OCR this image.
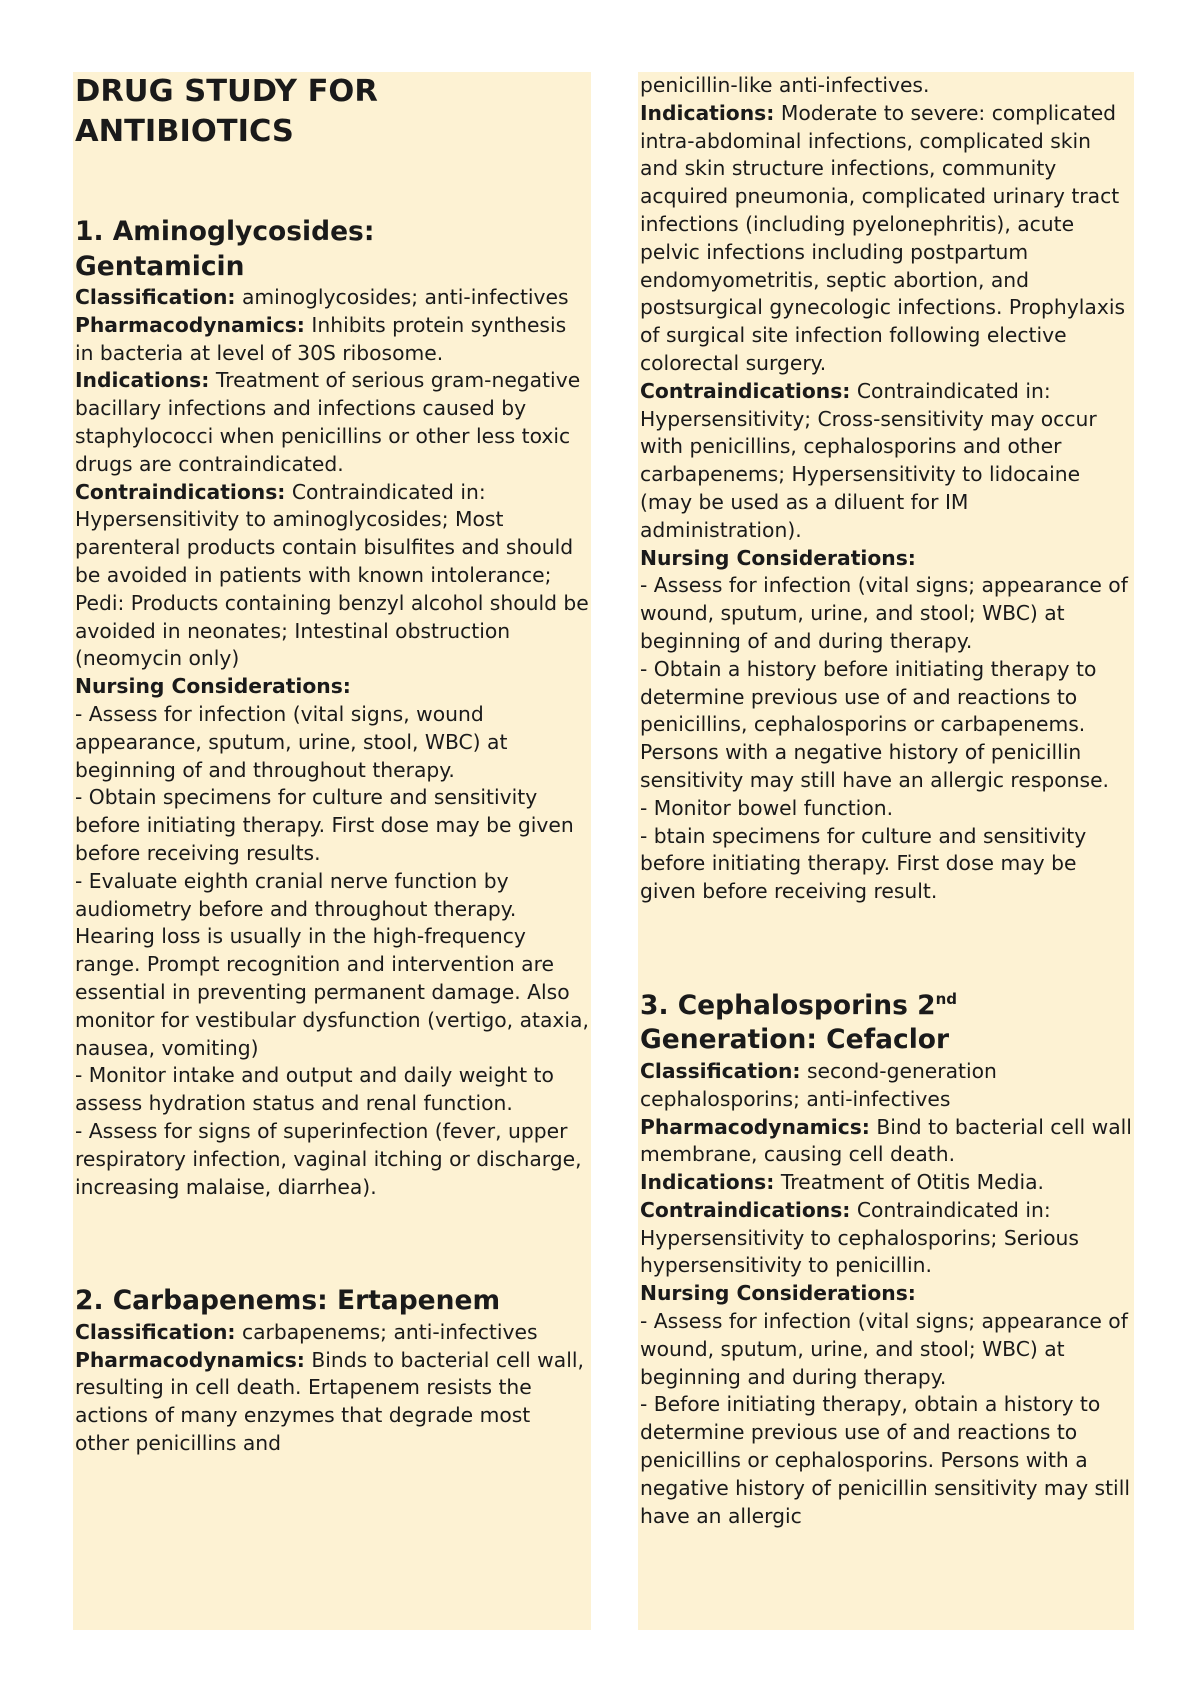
DRUG STUDY FOR
ANTIBIOTICS
1. Aminoglycosides:
Gentamicin

Classification: aminoglycosides; anti-infectives

Pharmacodynamics: Inhibits protein synthesis in bacteria at level of 30S ribosome.

Indications: Treatment of serious gram-negative bacillary infections and infections caused by staphylococci when penicillins or other less toxic drugs are contraindicated.

Contraindications: Contraindicated in: Hypersensitivity to aminoglycosides; Most parenteral products contain bisulfites and should be avoided in patients with known intolerance; Pedi: Products containing benzyl alcohol should be avoided in neonates; Intestinal obstruction (neomycin only)

Nursing Considerations:

- Assess for infection (vital signs, wound appearance, sputum, urine, stool, WBC) at beginning of and throughout therapy.

- Obtain specimens for culture and sensitivity before initiating therapy. First dose may be given before receiving results.

- Evaluate eighth cranial nerve function by audiometry before and throughout therapy. Hearing loss is usually in the high-frequency range. Prompt recognition and intervention are essential in preventing permanent damage. Also monitor for vestibular dysfunction (vertigo, ataxia, nausea, vomiting)

- Monitor intake and output and daily weight to assess hydration status and renal function.

- Assess for signs of superinfection (fever, upper respiratory infection, vaginal itching or discharge, increasing malaise, diarrhea).

2. Carbapenems: Ertapenem

Classification: carbapenems; anti-infectives

Pharmacodynamics: Binds to bacterial cell wall, resulting in cell death. Ertapenem resists the actions of many enzymes that degrade most other penicillins and

penicillin-like anti-infectives.

Indications: Moderate to severe: complicated intra-abdominal infections, complicated skin and skin structure infections, community acquired pneumonia, complicated urinary tract infections (including pyelonephritis), acute pelvic infections including postpartum endomyometritis, septic abortion, and postsurgical gynecologic infections. Prophylaxis of surgical site infection following elective colorectal surgery.

Contraindications: Contraindicated in: Hypersensitivity; Cross-sensitivity may occur with penicillins, cephalosporins and other carbapenems; Hypersensitivity to lidocaine (may be used as a diluent for IM administration).

Nursing Considerations:

- Assess for infection (vital signs; appearance of wound, sputum, urine, and stool; WBC) at beginning of and during therapy.

- Obtain a history before initiating therapy to determine previous use of and reactions to penicillins, cephalosporins or carbapenems. Persons with a negative history of penicillin sensitivity may still have an allergic response.

- Monitor bowel function.

- btain specimens for culture and sensitivity before initiating therapy. First dose may be given before receiving result.

3. Cephalosporins 2nd
Generation: Cefaclor

Classification: second-generation cephalosporins; anti-infectives

Pharmacodynamics: Bind to bacterial cell wall membrane, causing cell death.

Indications: Treatment of Otitis Media.

Contraindications: Contraindicated in: Hypersensitivity to cephalosporins; Serious hypersensitivity to penicillin.

Nursing Considerations:

- Assess for infection (vital signs; appearance of wound, sputum, urine, and stool; WBC) at beginning and during therapy.

- Before initiating therapy, obtain a history to determine previous use of and reactions to penicillins or cephalosporins. Persons with a negative history of penicillin sensitivity may still have an allergic
